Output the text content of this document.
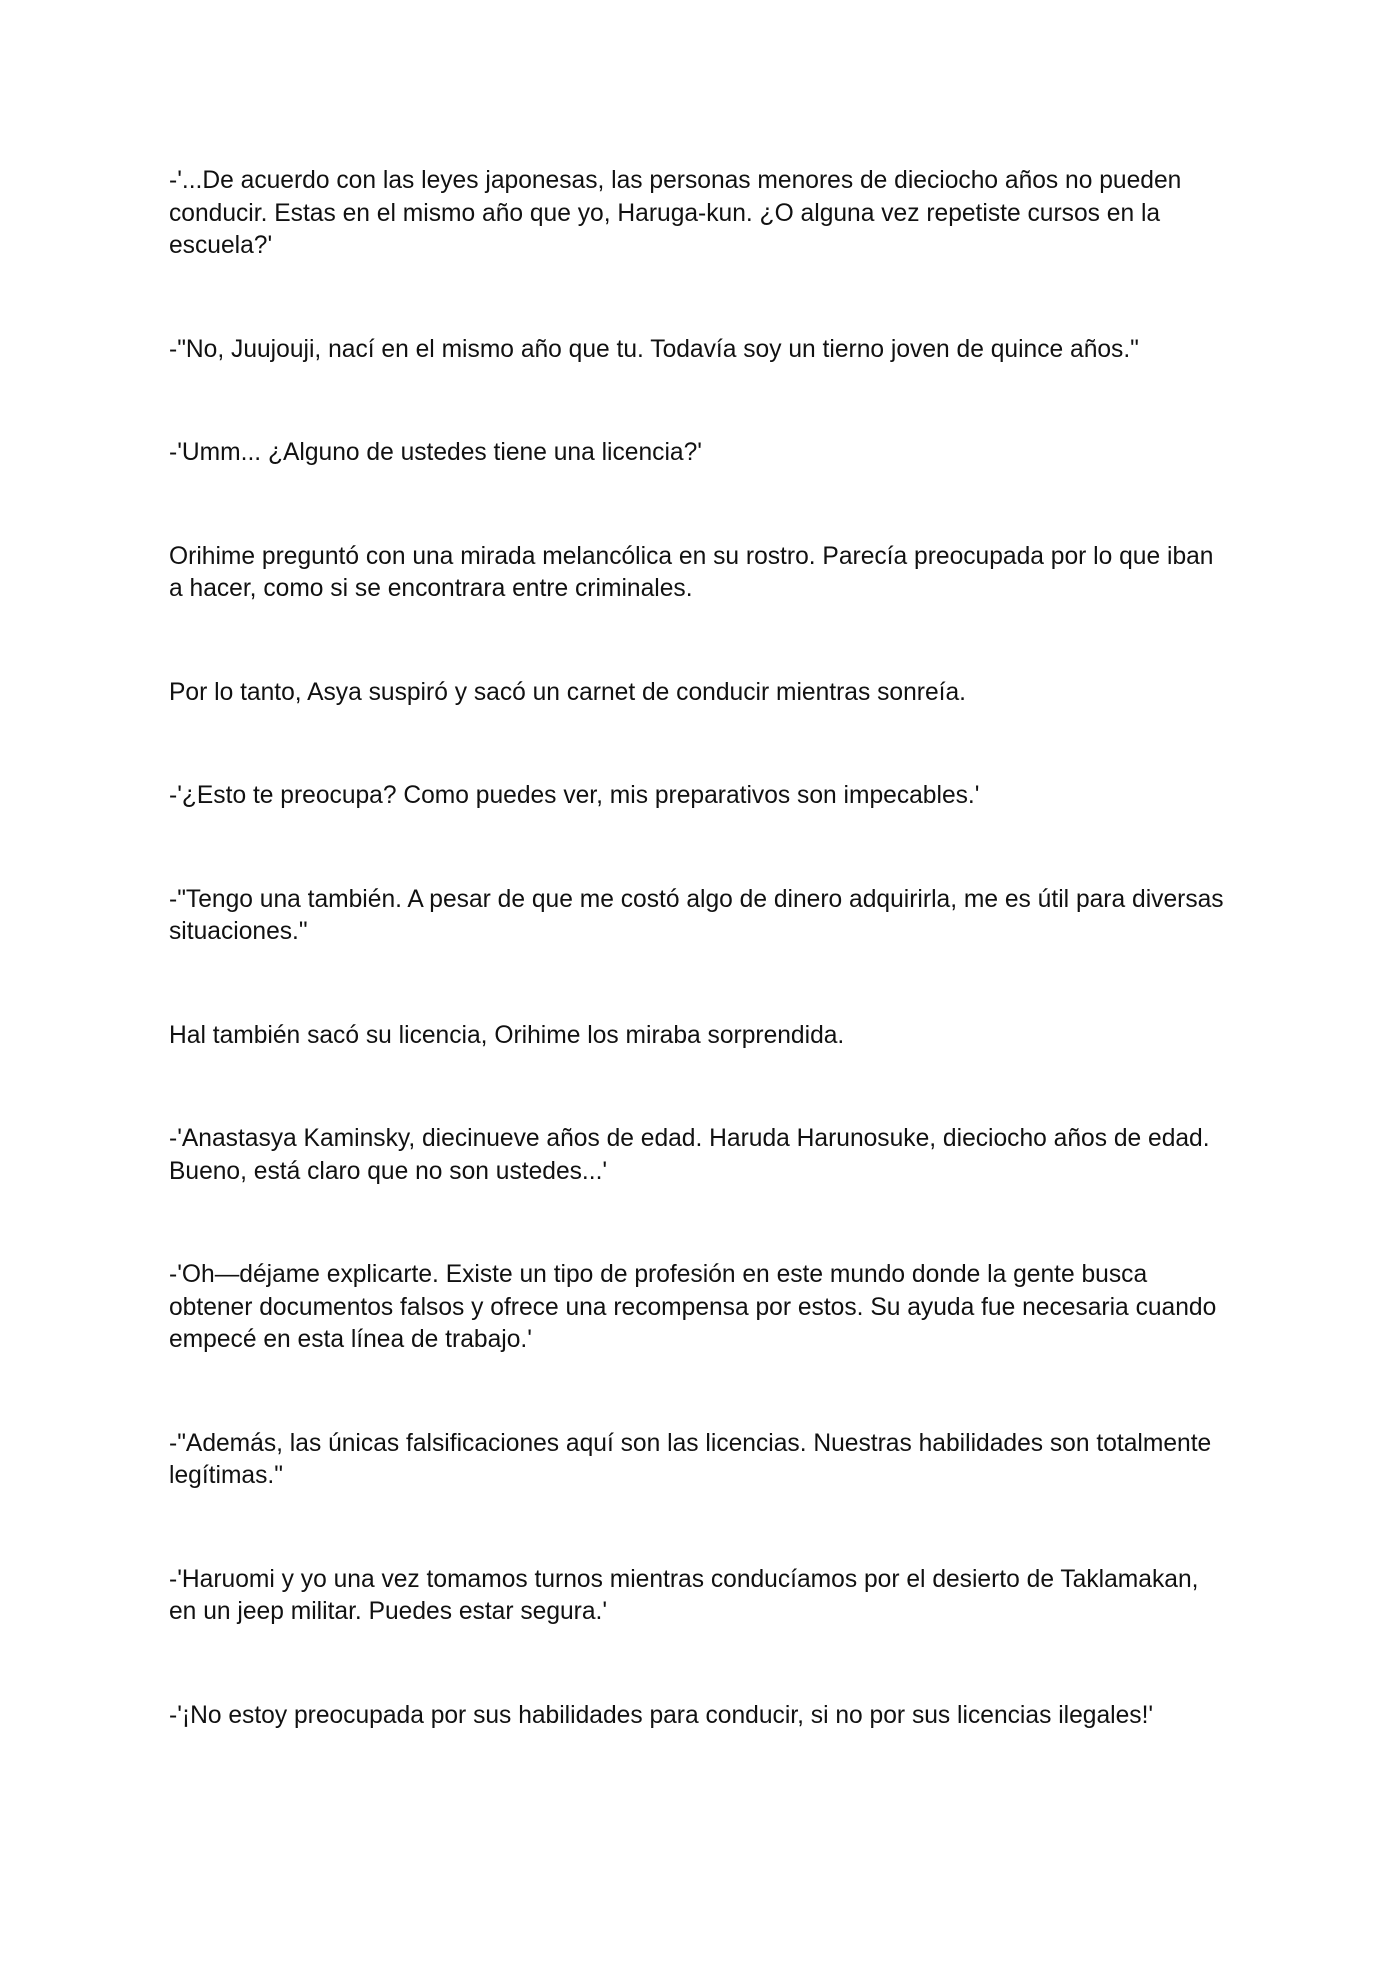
-'...De acuerdo con las leyes japonesas, las personas menores de dieciocho años no pueden conducir. Estas en el mismo año que yo, Haruga-kun. ¿O alguna vez repetiste cursos en la escuela?'

-"No, Juujouji, nací en el mismo año que tu. Todavía soy un tierno joven de quince años."

-'Umm... ¿Alguno de ustedes tiene una licencia?'

Orihime preguntó con una mirada melancólica en su rostro. Parecía preocupada por lo que iban a hacer, como si se encontrara entre criminales.

Por lo tanto, Asya suspiró y sacó un carnet de conducir mientras sonreía.

-'¿Esto te preocupa? Como puedes ver, mis preparativos son impecables.'

-"Tengo una también. A pesar de que me costó algo de dinero adquirirla, me es útil para diversas situaciones."

Hal también sacó su licencia, Orihime los miraba sorprendida.

-'Anastasya Kaminsky, diecinueve años de edad. Haruda Harunosuke, dieciocho años de edad. Bueno, está claro que no son ustedes...'

-'Oh—déjame explicarte. Existe un tipo de profesión en este mundo donde la gente busca obtener documentos falsos y ofrece una recompensa por estos. Su ayuda fue necesaria cuando empecé en esta línea de trabajo.'

-"Además, las únicas falsificaciones aquí son las licencias. Nuestras habilidades son totalmente legítimas."

-'Haruomi y yo una vez tomamos turnos mientras conducíamos por el desierto de Taklamakan, en un jeep militar. Puedes estar segura.'

-'¡No estoy preocupada por sus habilidades para conducir, si no por sus licencias ilegales!'
